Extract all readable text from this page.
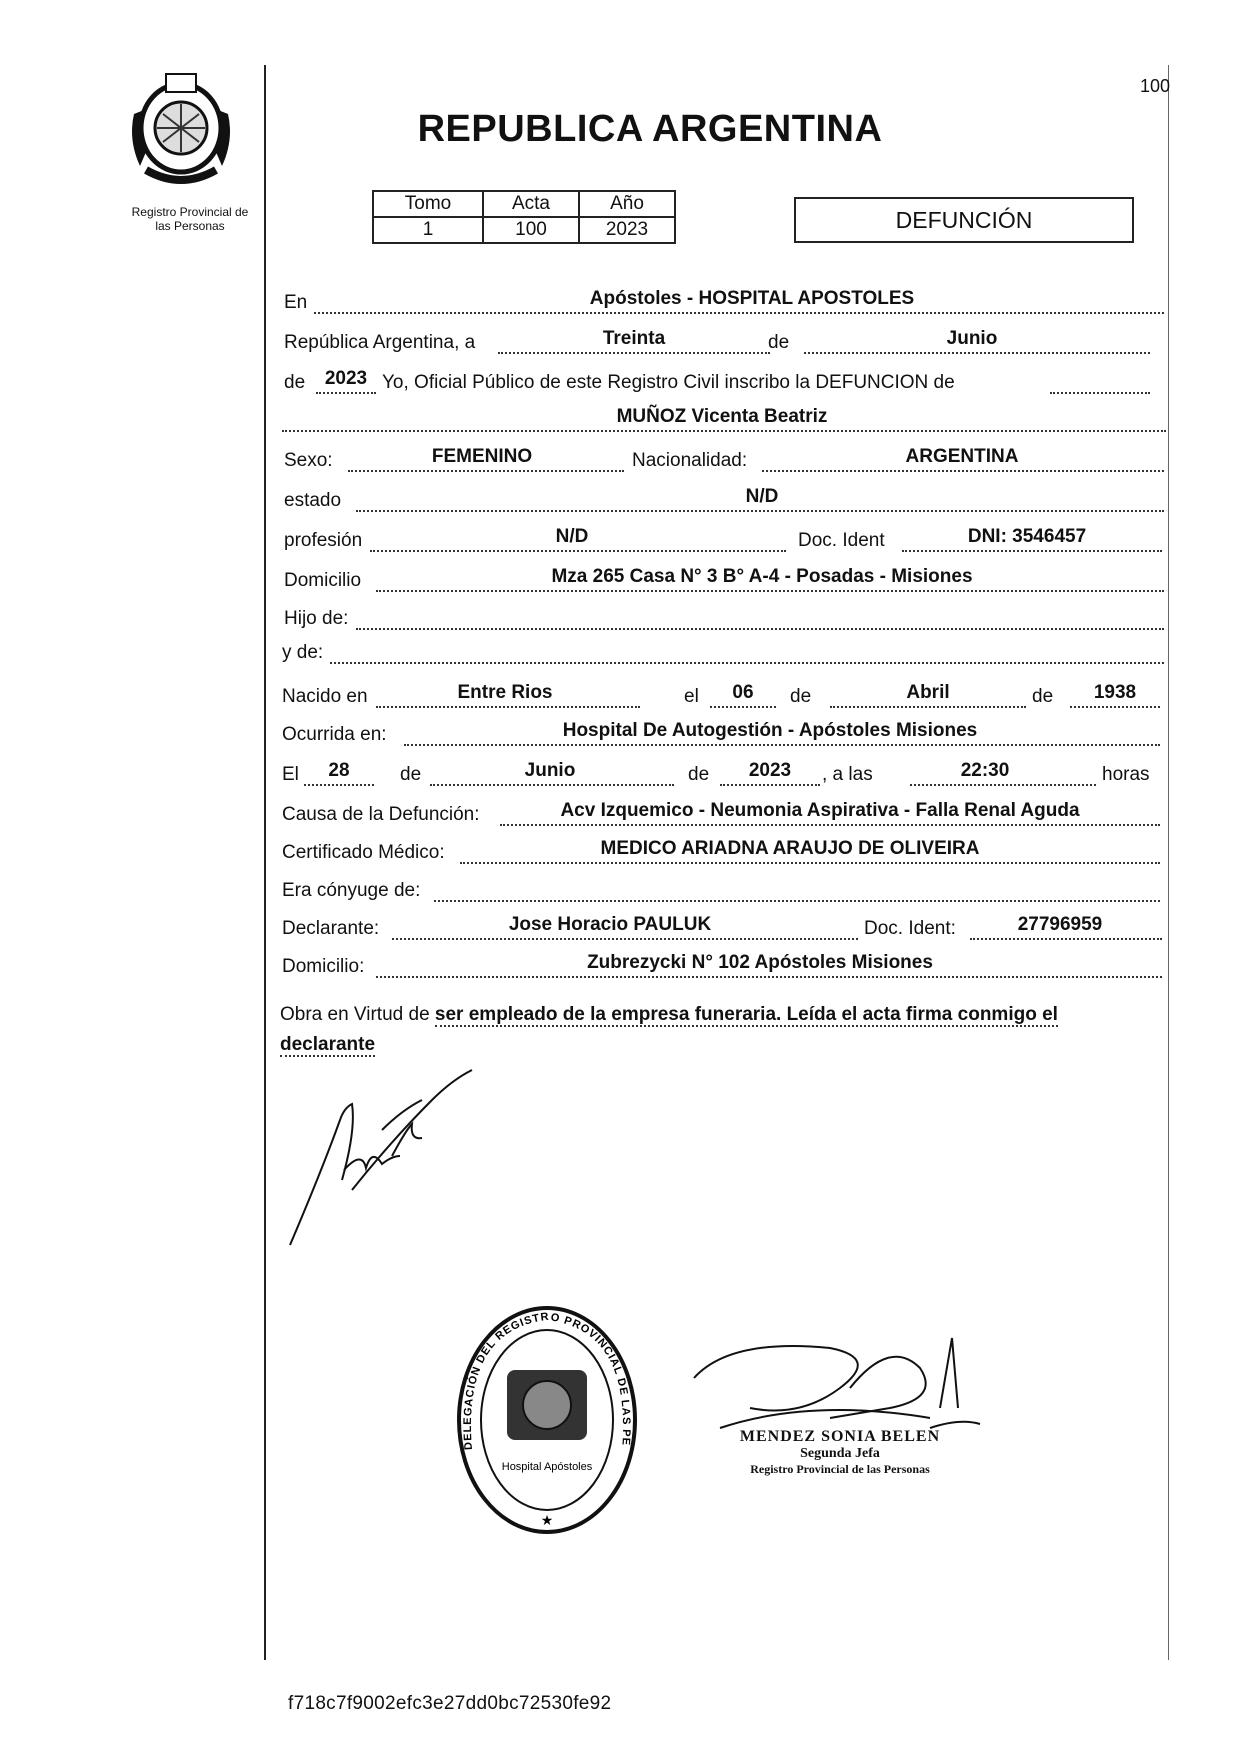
Registro Provincial de
las Personas
100
REPUBLICA ARGENTINA
Tomo	Acta	Año
1	100	2023	DEFUNCIÓN
En	Apóstoles - HOSPITAL APOSTOLES
República Argentina, a	Treinta	de	Junio
de	2023 Yo, Oficial Público de este Registro Civil inscribo la DEFUNCION de
MUÑOZ Vicenta Beatriz
Sexo:	FEMENINO	Nacionalidad:	ARGENTINA
estado	N/D
profesión	N/D	Doc. Ident	DNI: 3546457
Domicilio	Mza 265 Casa N° 3 B° A-4 - Posadas - Misiones
Hijo de:
y de:
Nacido en	Entre Rios	el	06	de	Abril	de	1938
Ocurrida en:	Hospital De Autogestión - Apóstoles Misiones
El	28	de	Junio	de	2023	, a las	22:30	horas
Causa de la Defunción:	Acv Izquemico - Neumonia Aspirativa - Falla Renal Aguda
Certificado Médico:	MEDICO ARIADNA ARAUJO DE OLIVEIRA
Era cónyuge de:
Declarante:	Jose Horacio PAULUK	Doc. Ident:	27796959
Domicilio:	Zubrezycki N° 102 Apóstoles Misiones
Obra en Virtud de ser empleado de la empresa funeraria. Leída el acta firma conmigo el
declarante
DELEGACIÓN DEL REGISTRO PROVINCIAL DE LAS PE
Hospital Apóstoles
★
MENDEZ SONIA BELEN
Segunda Jefa
Registro Provincial de las Personas
f718c7f9002efc3e27dd0bc72530fe92
